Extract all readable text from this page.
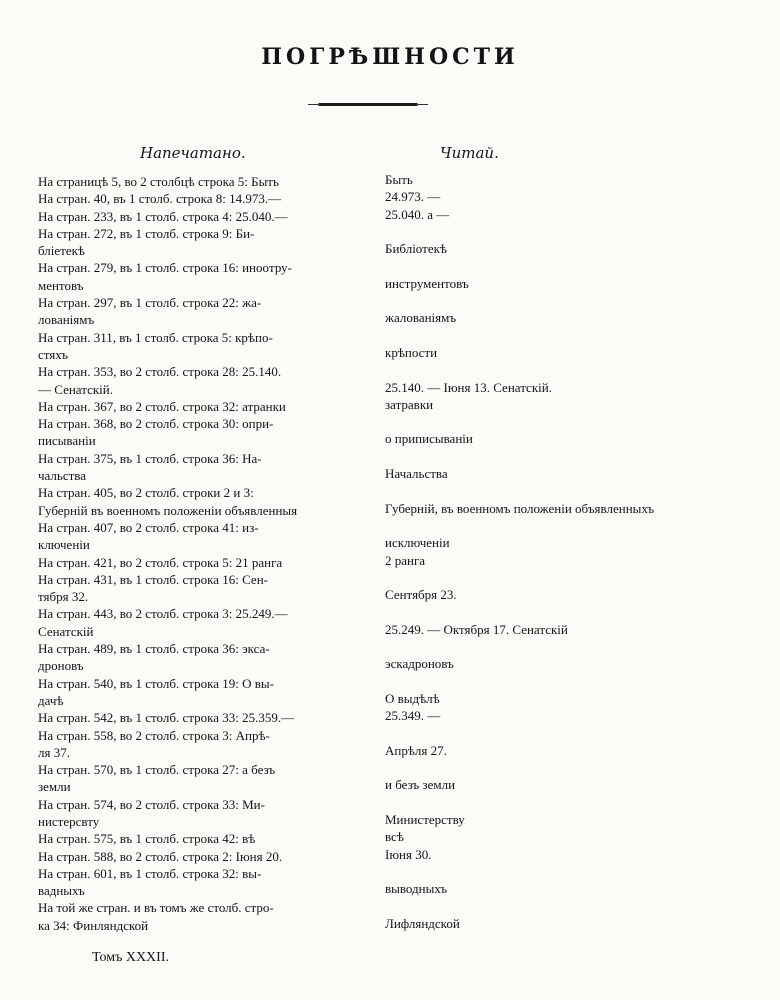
ПОГРѢШНОСТИ
Напечатано.	Читай.
На страницѣ 5, во 2 столбцѣ строка 5: Быть
На стран. 40, въ 1 столб. строка 8: 14.973.—
На стран. 233, въ 1 столб. строка 4: 25.040.—
На стран. 272, въ 1 столб. строка 9: Би-
бліетекѣ
На стран. 279, въ 1 столб. строка 16: иноoтру-
ментовъ
На стран. 297, въ 1 столб. строка 22: жа-
лованіямъ
На стран. 311, въ 1 столб. строка 5: крѣпо-
стяхъ
На стран. 353, во 2 столб. строка 28: 25.140.
— Сенатскій.
На стран. 367, во 2 столб. строка 32: атранки
На стран. 368, во 2 столб. строка 30: опри-
писываніи
На стран. 375, въ 1 столб. строка 36: На-
чальства
На стран. 405, во 2 столб. строки 2 и 3:
Губерній въ военномъ положеніи объявленныя
На стран. 407, во 2 столб. строка 41: из-
ключеніи
На стран. 421, во 2 столб. строка 5: 21 ранга
На стран. 431, въ 1 столб. строка 16: Сен-
тября 32.
На стран. 443, во 2 столб. строка 3: 25.249.—
Сенатскій
На стран. 489, въ 1 столб. строка 36: экса-
дроновъ
На стран. 540, въ 1 столб. строка 19: О вы-
дачѣ
На стран. 542, въ 1 столб. строка 33: 25.359.—
На стран. 558, во 2 столб. строка 3: Апрѣ-
ля 37.
На стран. 570, въ 1 столб. строка 27: а безъ
земли
На стран. 574, во 2 столб. строка 33: Ми-
нистерсвту
На стран. 575, въ 1 столб. строка 42: вѣ
На стран. 588, во 2 столб. строка 2: Іюня 20.
На стран. 601, въ 1 столб. строка 32: вы-
вадныхъ
На той же стран. и въ томъ же столб. стро-
ка 34: Финляндской
Быть
24.973. —
25.040. а —
Библіотекѣ
инструментовъ
жалованіямъ
крѣпости
25.140. — Іюня 13. Сенатскій.
затравки
о приписываніи
Начальства
Губерній, въ военномъ положеніи объявленныхъ
исключеніи
2 ранга
Сентября 23.
25.249. — Октября 17. Сенатскій
эскадроновъ
О выдѣлѣ
25.349. —
Апрѣля 27.
и безъ земли
Министерству
всѣ
Іюня 30.
выводныхъ
Лифляндской
Томъ XXXII.
